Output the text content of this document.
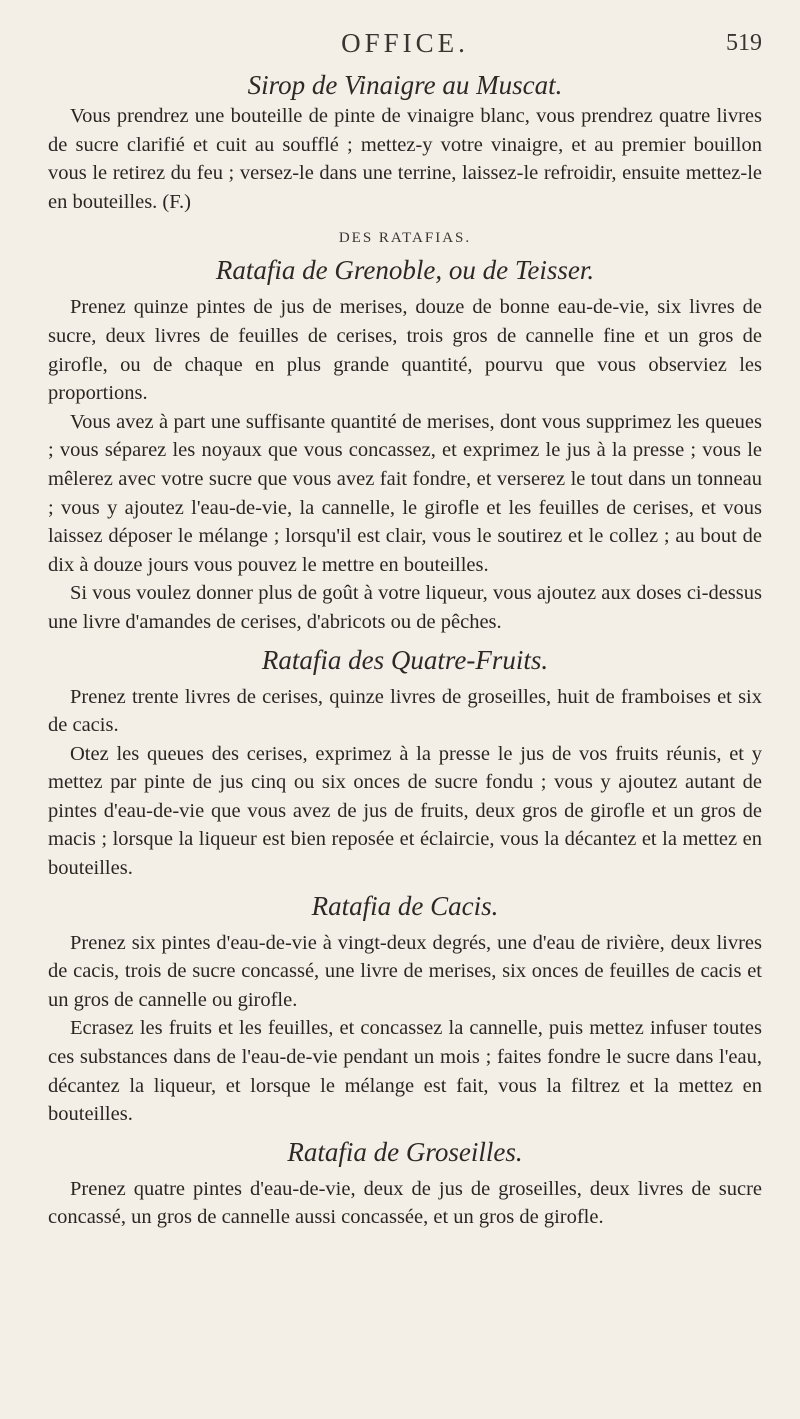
OFFICE.	519
Sirop de Vinaigre au Muscat.

Vous prendrez une bouteille de pinte de vinaigre blanc, vous prendrez quatre livres de sucre clarifié et cuit au soufflé ; mettez-y votre vinaigre, et au premier bouillon vous le retirez du feu ; versez-le dans une terrine, laissez-le refroidir, ensuite mettez-le en bouteilles. (F.)

DES RATAFIAS.
Ratafia de Grenoble, ou de Teisser.

Prenez quinze pintes de jus de merises, douze de bonne eau-de-vie, six livres de sucre, deux livres de feuilles de cerises, trois gros de cannelle fine et un gros de girofle, ou de chaque en plus grande quantité, pourvu que vous observiez les proportions.

Vous avez à part une suffisante quantité de merises, dont vous supprimez les queues ; vous séparez les noyaux que vous concassez, et exprimez le jus à la presse ; vous le mêlerez avec votre sucre que vous avez fait fondre, et verserez le tout dans un tonneau ; vous y ajoutez l'eau-de-vie, la cannelle, le girofle et les feuilles de cerises, et vous laissez déposer le mélange ; lorsqu'il est clair, vous le soutirez et le collez ; au bout de dix à douze jours vous pouvez le mettre en bouteilles.

Si vous voulez donner plus de goût à votre liqueur, vous ajoutez aux doses ci-dessus une livre d'amandes de cerises, d'abricots ou de pêches.

Ratafia des Quatre-Fruits.

Prenez trente livres de cerises, quinze livres de groseilles, huit de framboises et six de cacis.

Otez les queues des cerises, exprimez à la presse le jus de vos fruits réunis, et y mettez par pinte de jus cinq ou six onces de sucre fondu ; vous y ajoutez autant de pintes d'eau-de-vie que vous avez de jus de fruits, deux gros de girofle et un gros de macis ; lorsque la liqueur est bien reposée et éclaircie, vous la décantez et la mettez en bouteilles.

Ratafia de Cacis.

Prenez six pintes d'eau-de-vie à vingt-deux degrés, une d'eau de rivière, deux livres de cacis, trois de sucre concassé, une livre de merises, six onces de feuilles de cacis et un gros de cannelle ou girofle.

Ecrasez les fruits et les feuilles, et concassez la cannelle, puis mettez infuser toutes ces substances dans de l'eau-de-vie pendant un mois ; faites fondre le sucre dans l'eau, décantez la liqueur, et lorsque le mélange est fait, vous la filtrez et la mettez en bouteilles.

Ratafia de Groseilles.

Prenez quatre pintes d'eau-de-vie, deux de jus de groseilles, deux livres de sucre concassé, un gros de cannelle aussi concassée, et un gros de girofle.
